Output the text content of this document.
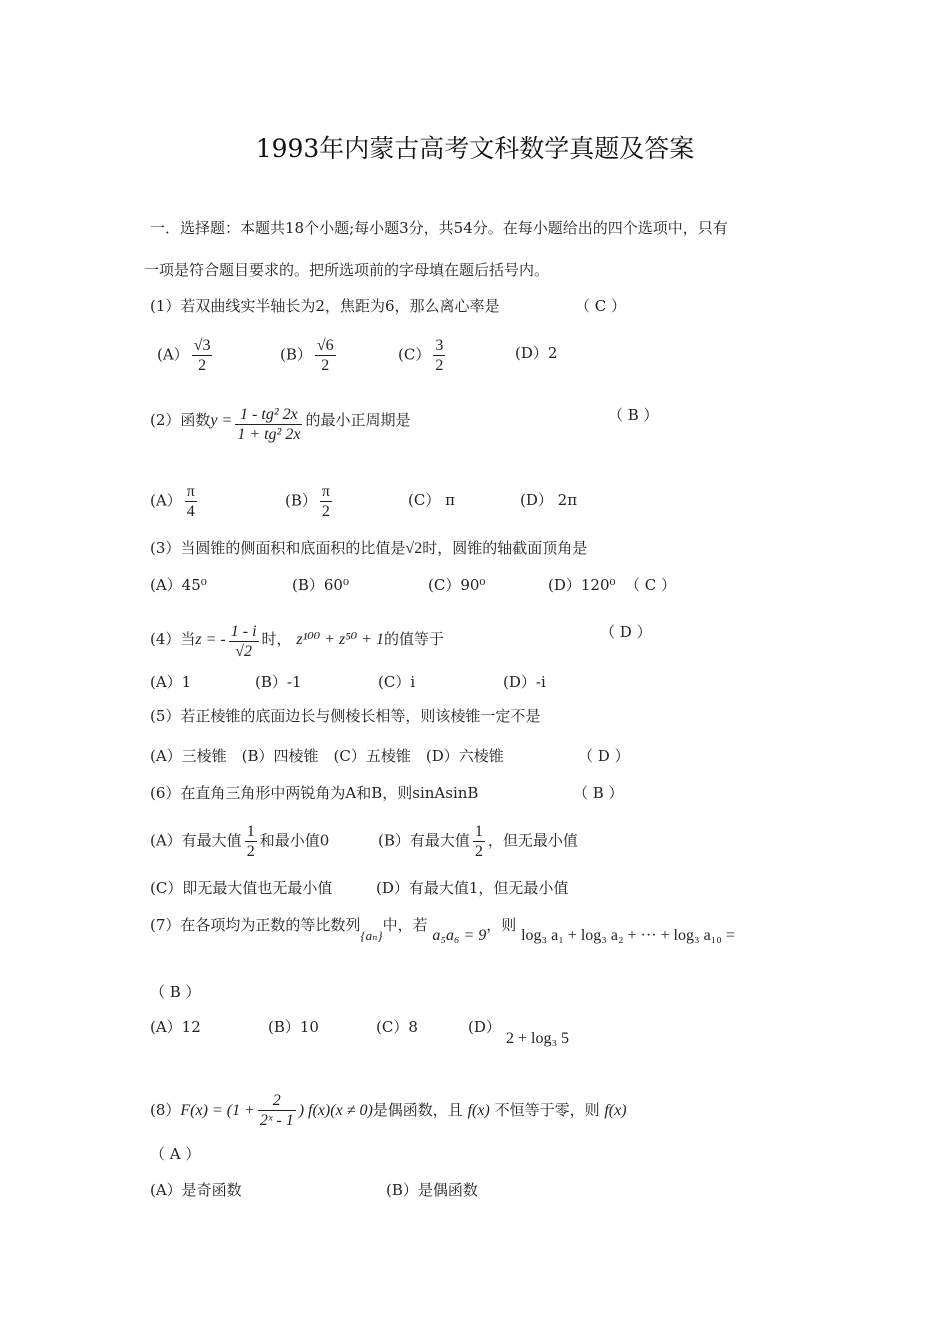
1993年内蒙古高考文科数学真题及答案
一．选择题：本题共18个小题;每小题3分，共54分。在每小题给出的四个选项中，只有
一项是符合题目要求的。把所选项前的字母填在题后括号内。
(1）若双曲线实半轴长为2，焦距为6，那么离心率是	（ C ）
$(A) \frac{√3}{2}$	$(B) \frac{√6}{2}$	$(C) \frac{3}{2}$	(D）2
(2）函数$y = \frac{\text{1 - tg² 2x}}{\text{1 + tg² 2x}}$ 的最小正周期是	（ B ）
$(A) \frac{\pi}{4}$	$(B) \frac{\pi}{2}$	(C） π	(D） 2π
(3）当圆锥的侧面积和底面积的比值是√2时，圆锥的轴截面顶角是
(A）45⁰	(B）60⁰	(C）90⁰	(D）120⁰ （ C ）
(4）当z = - $\frac{1 - i}{√2}$ 时， z¹⁰⁰ + z⁵⁰ + 1的值等于	（ D ）
(A）1	(B）-1	(C）i	(D）-i
(5）若正棱锥的底面边长与侧棱长相等，则该棱锥一定不是
(A）三棱锥　(B）四棱锥　(C）五棱锥　(D）六棱锥	（ D ）
(6）在直角三角形中两锐角为A和B，则sinAsinB	（ B ）
(A）有最大值 $\frac{1}{2}$ 和最小值0	(B）有最大值 $\frac{1}{2}$ ，但无最小值
(C）即无最大值也无最小值	(D）有最大值1，但无最小值
(7）在各项均为正数的等比数列{aₙ}中，若 a₅a₆ = 9，则 log₃ a₁ + log₃ a₂ + ··· + log₃ a₁₀ =
（ B ）
(A）12	(B）10	(C）8	(D）
2 + log₃ 5
$(8)F(x) = (1 + \frac{2}{\text{2ˣ - 1}}$ ) f(x)(x ≠ 0)是偶函数，且 f(x) 不恒等于零，则 f(x)
（ A ）
(A）是奇函数	(B）是偶函数
